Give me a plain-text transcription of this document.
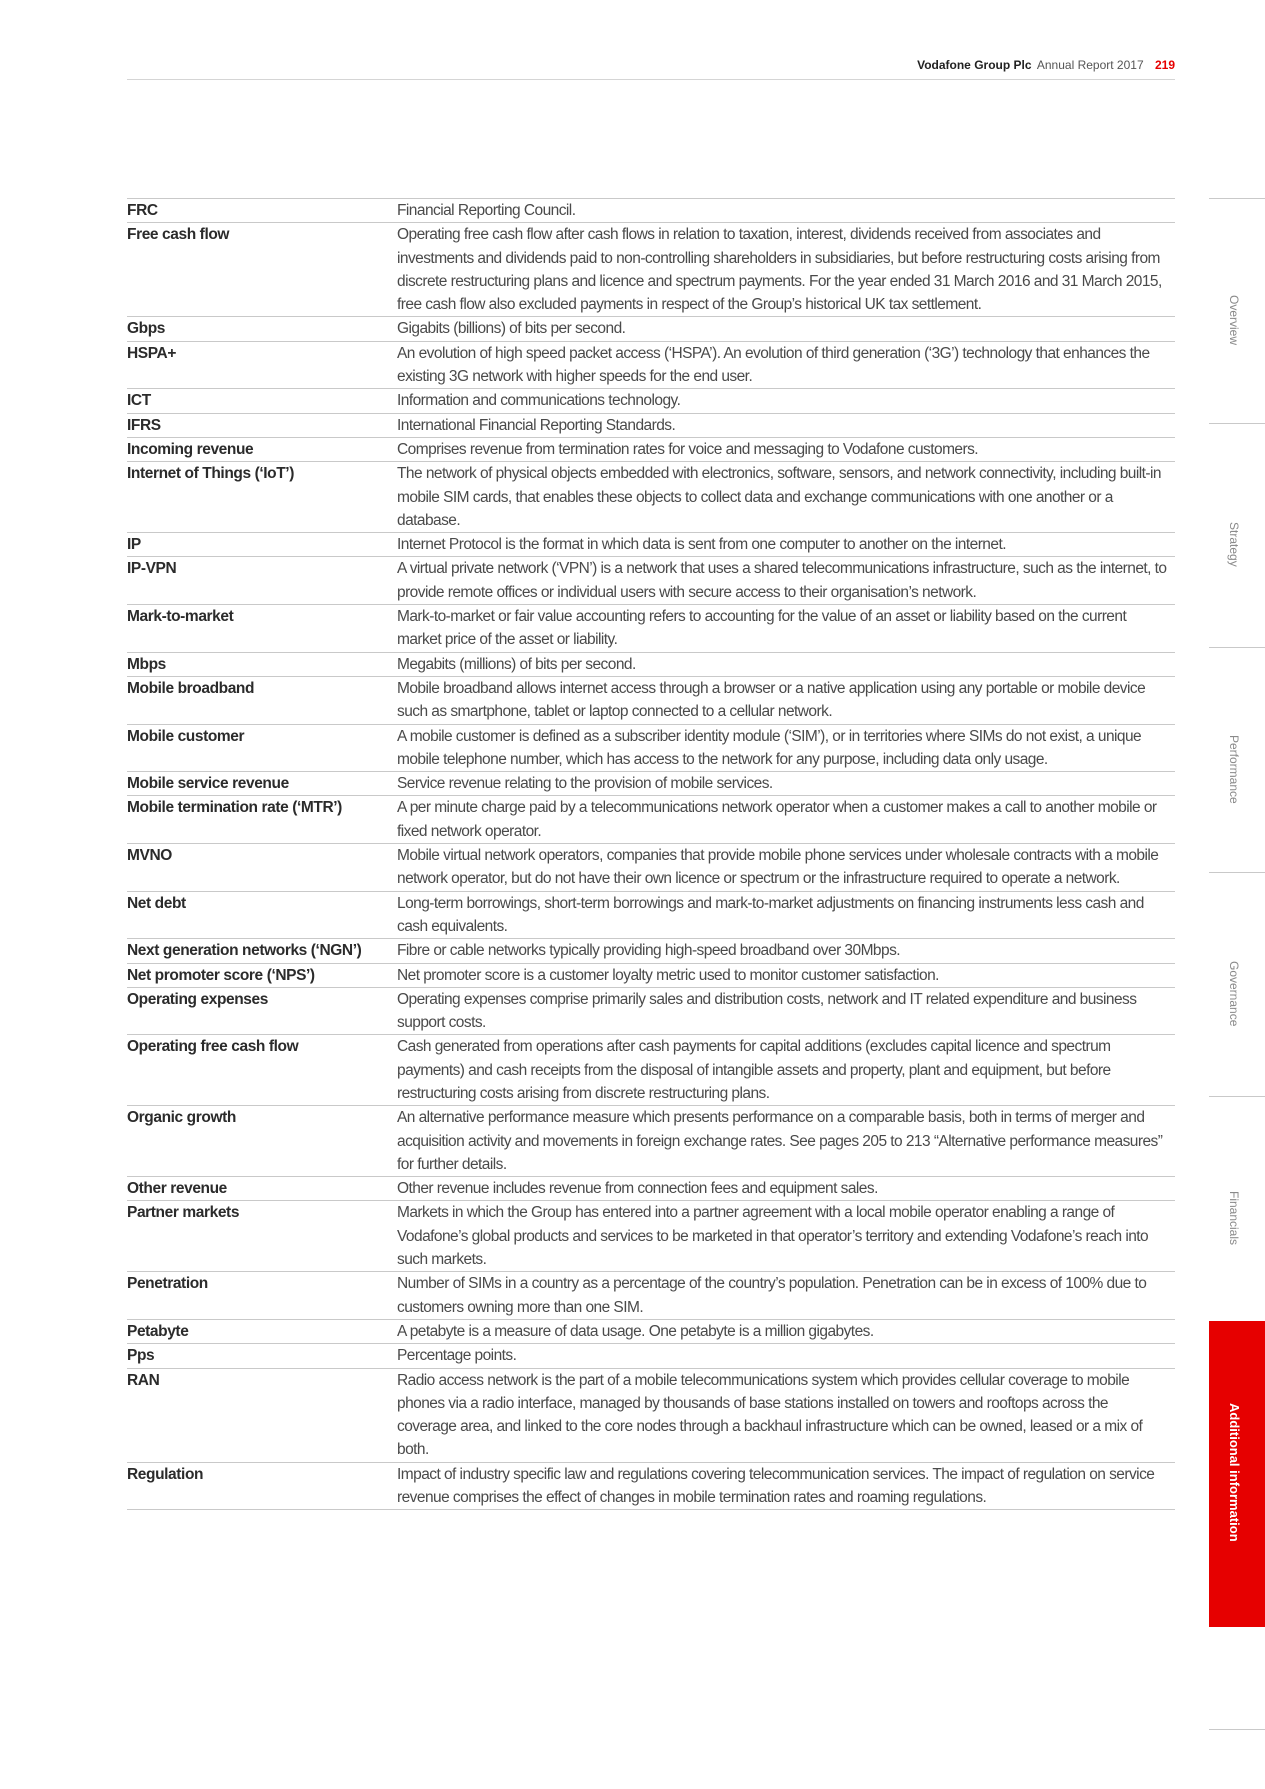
Vodafone Group Plc Annual Report 2017 219
FRC	Financial Reporting Council.
Free cash flow	Operating free cash flow after cash flows in relation to taxation, interest, dividends received from associates and investments and dividends paid to non-controlling shareholders in subsidiaries, but before restructuring costs arising from discrete restructuring plans and licence and spectrum payments. For the year ended 31 March 2016 and 31 March 2015, free cash flow also excluded payments in respect of the Group’s historical UK tax settlement.
Gbps	Gigabits (billions) of bits per second.
HSPA+	An evolution of high speed packet access (‘HSPA’). An evolution of third generation (‘3G’) technology that enhances the existing 3G network with higher speeds for the end user.
ICT	Information and communications technology.
IFRS	International Financial Reporting Standards.
Incoming revenue	Comprises revenue from termination rates for voice and messaging to Vodafone customers.
Internet of Things (‘IoT’)	The network of physical objects embedded with electronics, software, sensors, and network connectivity, including built-in mobile SIM cards, that enables these objects to collect data and exchange communications with one another or a database.
IP	Internet Protocol is the format in which data is sent from one computer to another on the internet.
IP-VPN	A virtual private network (‘VPN’) is a network that uses a shared telecommunications infrastructure, such as the internet, to provide remote offices or individual users with secure access to their organisation’s network.
Mark-to-market	Mark-to-market or fair value accounting refers to accounting for the value of an asset or liability based on the current market price of the asset or liability.
Mbps	Megabits (millions) of bits per second.
Mobile broadband	Mobile broadband allows internet access through a browser or a native application using any portable or mobile device such as smartphone, tablet or laptop connected to a cellular network.
Mobile customer	A mobile customer is defined as a subscriber identity module (‘SIM’), or in territories where SIMs do not exist, a unique mobile telephone number, which has access to the network for any purpose, including data only usage.
Mobile service revenue	Service revenue relating to the provision of mobile services.
Mobile termination rate (‘MTR’)	A per minute charge paid by a telecommunications network operator when a customer makes a call to another mobile or fixed network operator.
MVNO	Mobile virtual network operators, companies that provide mobile phone services under wholesale contracts with a mobile network operator, but do not have their own licence or spectrum or the infrastructure required to operate a network.
Net debt	Long-term borrowings, short-term borrowings and mark-to-market adjustments on financing instruments less cash and cash equivalents.
Next generation networks (‘NGN’)	Fibre or cable networks typically providing high-speed broadband over 30Mbps.
Net promoter score (‘NPS’)	Net promoter score is a customer loyalty metric used to monitor customer satisfaction.
Operating expenses	Operating expenses comprise primarily sales and distribution costs, network and IT related expenditure and business support costs.
Operating free cash flow	Cash generated from operations after cash payments for capital additions (excludes capital licence and spectrum payments) and cash receipts from the disposal of intangible assets and property, plant and equipment, but before restructuring costs arising from discrete restructuring plans.
Organic growth	An alternative performance measure which presents performance on a comparable basis, both in terms of merger and acquisition activity and movements in foreign exchange rates. See pages 205 to 213 “Alternative performance measures” for further details.
Other revenue	Other revenue includes revenue from connection fees and equipment sales.
Partner markets	Markets in which the Group has entered into a partner agreement with a local mobile operator enabling a range of Vodafone’s global products and services to be marketed in that operator’s territory and extending Vodafone’s reach into such markets.
Penetration	Number of SIMs in a country as a percentage of the country’s population. Penetration can be in excess of 100% due to customers owning more than one SIM.
Petabyte	A petabyte is a measure of data usage. One petabyte is a million gigabytes.
Pps	Percentage points.
RAN	Radio access network is the part of a mobile telecommunications system which provides cellular coverage to mobile phones via a radio interface, managed by thousands of base stations installed on towers and rooftops across the coverage area, and linked to the core nodes through a backhaul infrastructure which can be owned, leased or a mix of both.
Regulation	Impact of industry specific law and regulations covering telecommunication services. The impact of regulation on service revenue comprises the effect of changes in mobile termination rates and roaming regulations.
Overview
Strategy
Performance
Governance
Financials
Additional information
